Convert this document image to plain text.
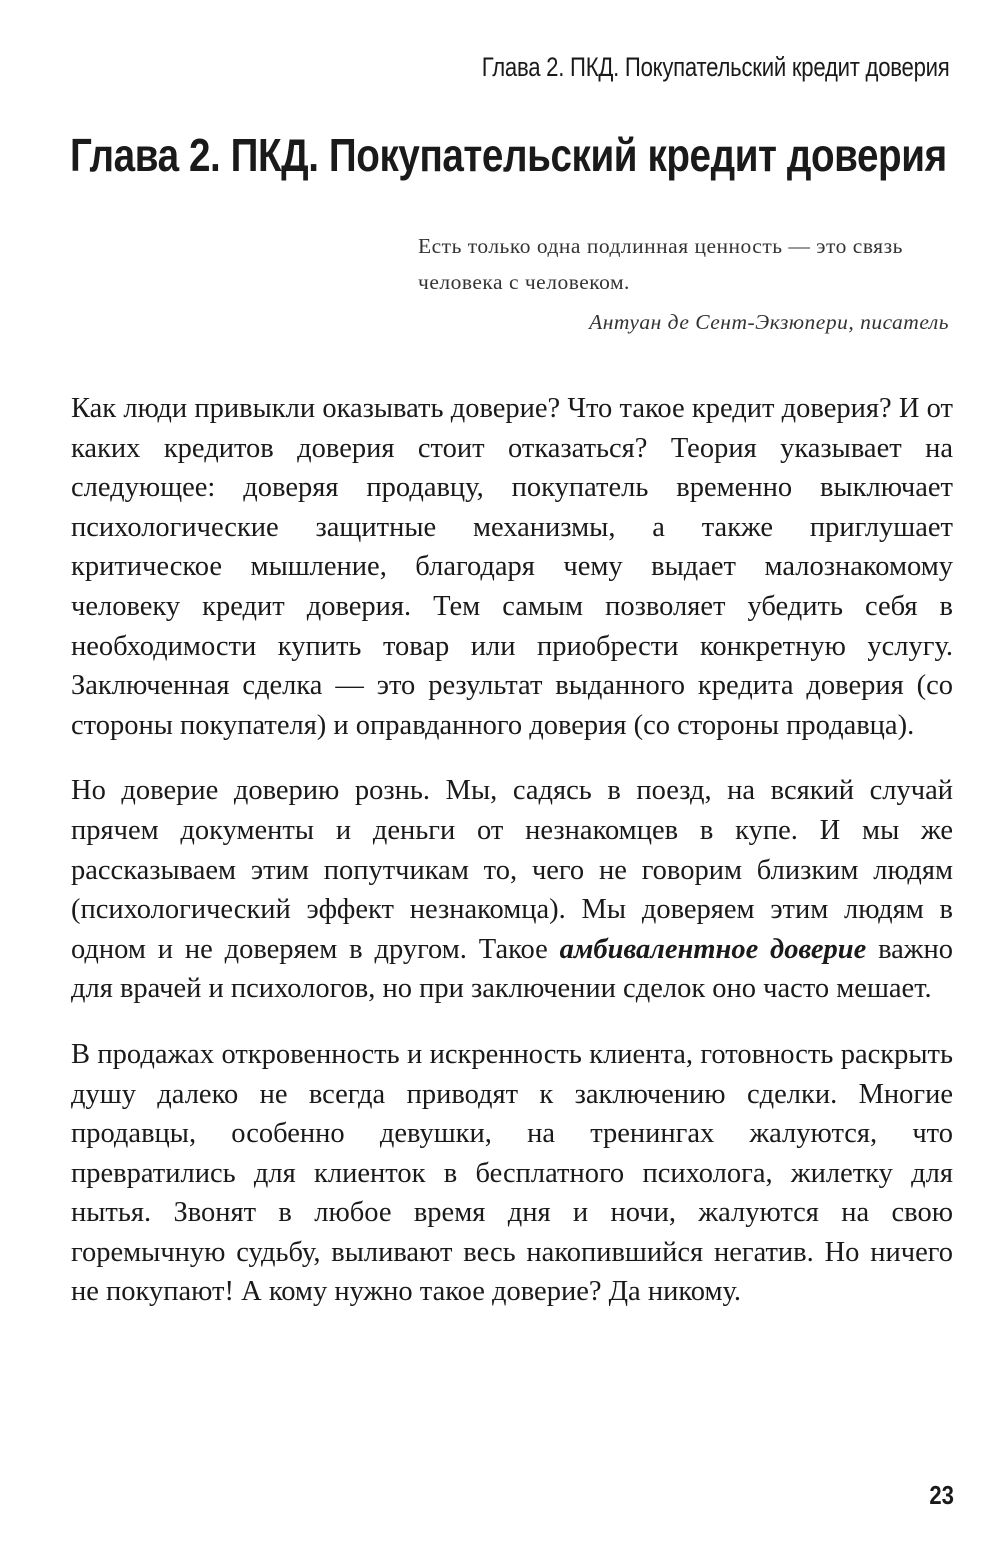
Глава 2. ПКД. Покупательский кредит доверия
Глава 2. ПКД. Покупательский кредит доверия

Есть только одна подлинная ценность — это связь человека с человеком.

Антуан де Сент-Экзюпери, писатель

Как люди привыкли оказывать доверие? Что такое кредит доверия? И от каких кредитов доверия стоит отказаться? Теория указывает на следующее: доверяя продавцу, покупатель временно выключает психологические защитные механизмы, а также приглушает критическое мышление, благодаря чему выдает малознакомому человеку кредит доверия. Тем самым позволяет убедить себя в необходимости купить товар или приобрести конкретную услугу. Заключенная сделка — это результат выданного кредита доверия (со стороны покупателя) и оправданного доверия (со стороны продавца).

Но доверие доверию рознь. Мы, садясь в поезд, на всякий случай прячем документы и деньги от незнакомцев в купе. И мы же рассказываем этим попутчикам то, чего не говорим близким людям (психологический эффект незнакомца). Мы доверяем этим людям в одном и не доверяем в другом. Такое амбивалентное доверие важно для врачей и психологов, но при заключении сделок оно часто мешает.

В продажах откровенность и искренность клиента, готовность раскрыть душу далеко не всегда приводят к заключению сделки. Многие продавцы, особенно девушки, на тренингах жалуются, что превратились для клиенток в бесплатного психолога, жилетку для нытья. Звонят в любое время дня и ночи, жалуются на свою горемычную судьбу, выливают весь накопившийся негатив. Но ничего не покупают! А кому нужно такое доверие? Да никому.

23
